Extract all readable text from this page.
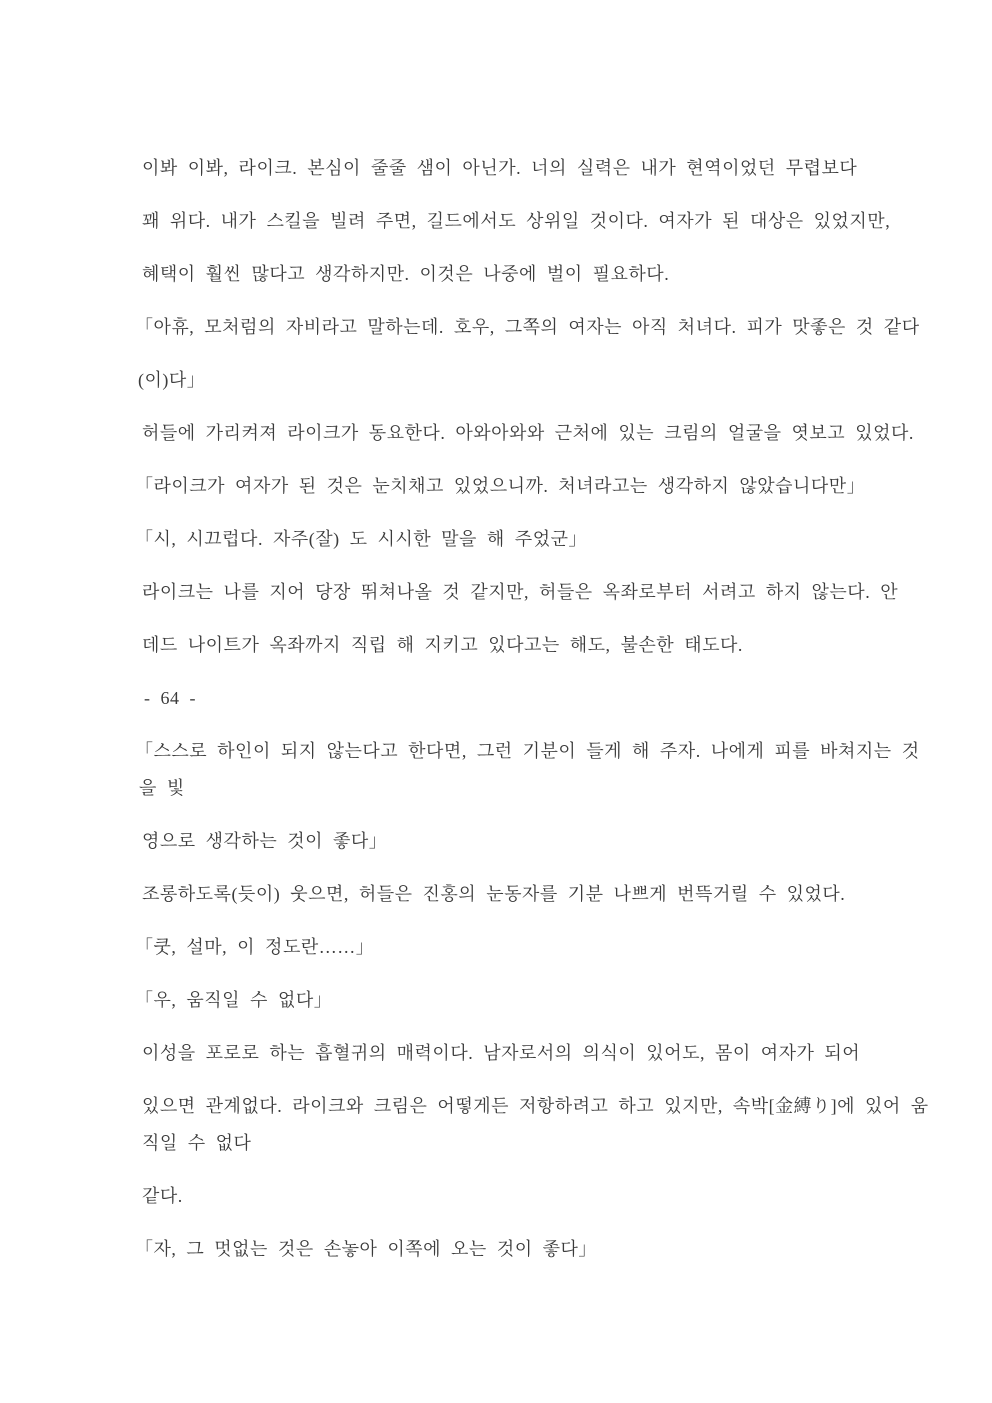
이봐 이봐, 라이크. 본심이 줄줄 샘이 아닌가. 너의 실력은 내가 현역이었던 무렵보다

꽤 위다. 내가 스킬을 빌려 주면, 길드에서도 상위일 것이다. 여자가 된 대상은 있었지만,

혜택이 훨씬 많다고 생각하지만. 이것은 나중에 벌이 필요하다.

「아휴, 모처럼의 자비라고 말하는데. 호우, 그쪽의 여자는 아직 처녀다. 피가 맛좋은 것 같다

(이)다」

허들에 가리켜져 라이크가 동요한다. 아와아와와 근처에 있는 크림의 얼굴을 엿보고 있었다.

「라이크가 여자가 된 것은 눈치채고 있었으니까. 처녀라고는 생각하지 않았습니다만」

「시, 시끄럽다. 자주(잘) 도 시시한 말을 해 주었군」

라이크는 나를 지어 당장 뛰쳐나올 것 같지만, 허들은 옥좌로부터 서려고 하지 않는다. 안

데드 나이트가 옥좌까지 직립 해 지키고 있다고는 해도, 불손한 태도다.

- 64 -

「스스로 하인이 되지 않는다고 한다면, 그런 기분이 들게 해 주자. 나에게 피를 바쳐지는 것
을 빛

영으로 생각하는 것이 좋다」

조롱하도록(듯이) 웃으면, 허들은 진홍의 눈동자를 기분 나쁘게 번뜩거릴 수 있었다.

「쿳, 설마, 이 정도란……」

「우, 움직일 수 없다」

이성을 포로로 하는 흡혈귀의 매력이다. 남자로서의 의식이 있어도, 몸이 여자가 되어

있으면 관계없다. 라이크와 크림은 어떻게든 저항하려고 하고 있지만, 속박[金縛り]에 있어 움
직일 수 없다

같다.

「자, 그 멋없는 것은 손놓아 이쪽에 오는 것이 좋다」
